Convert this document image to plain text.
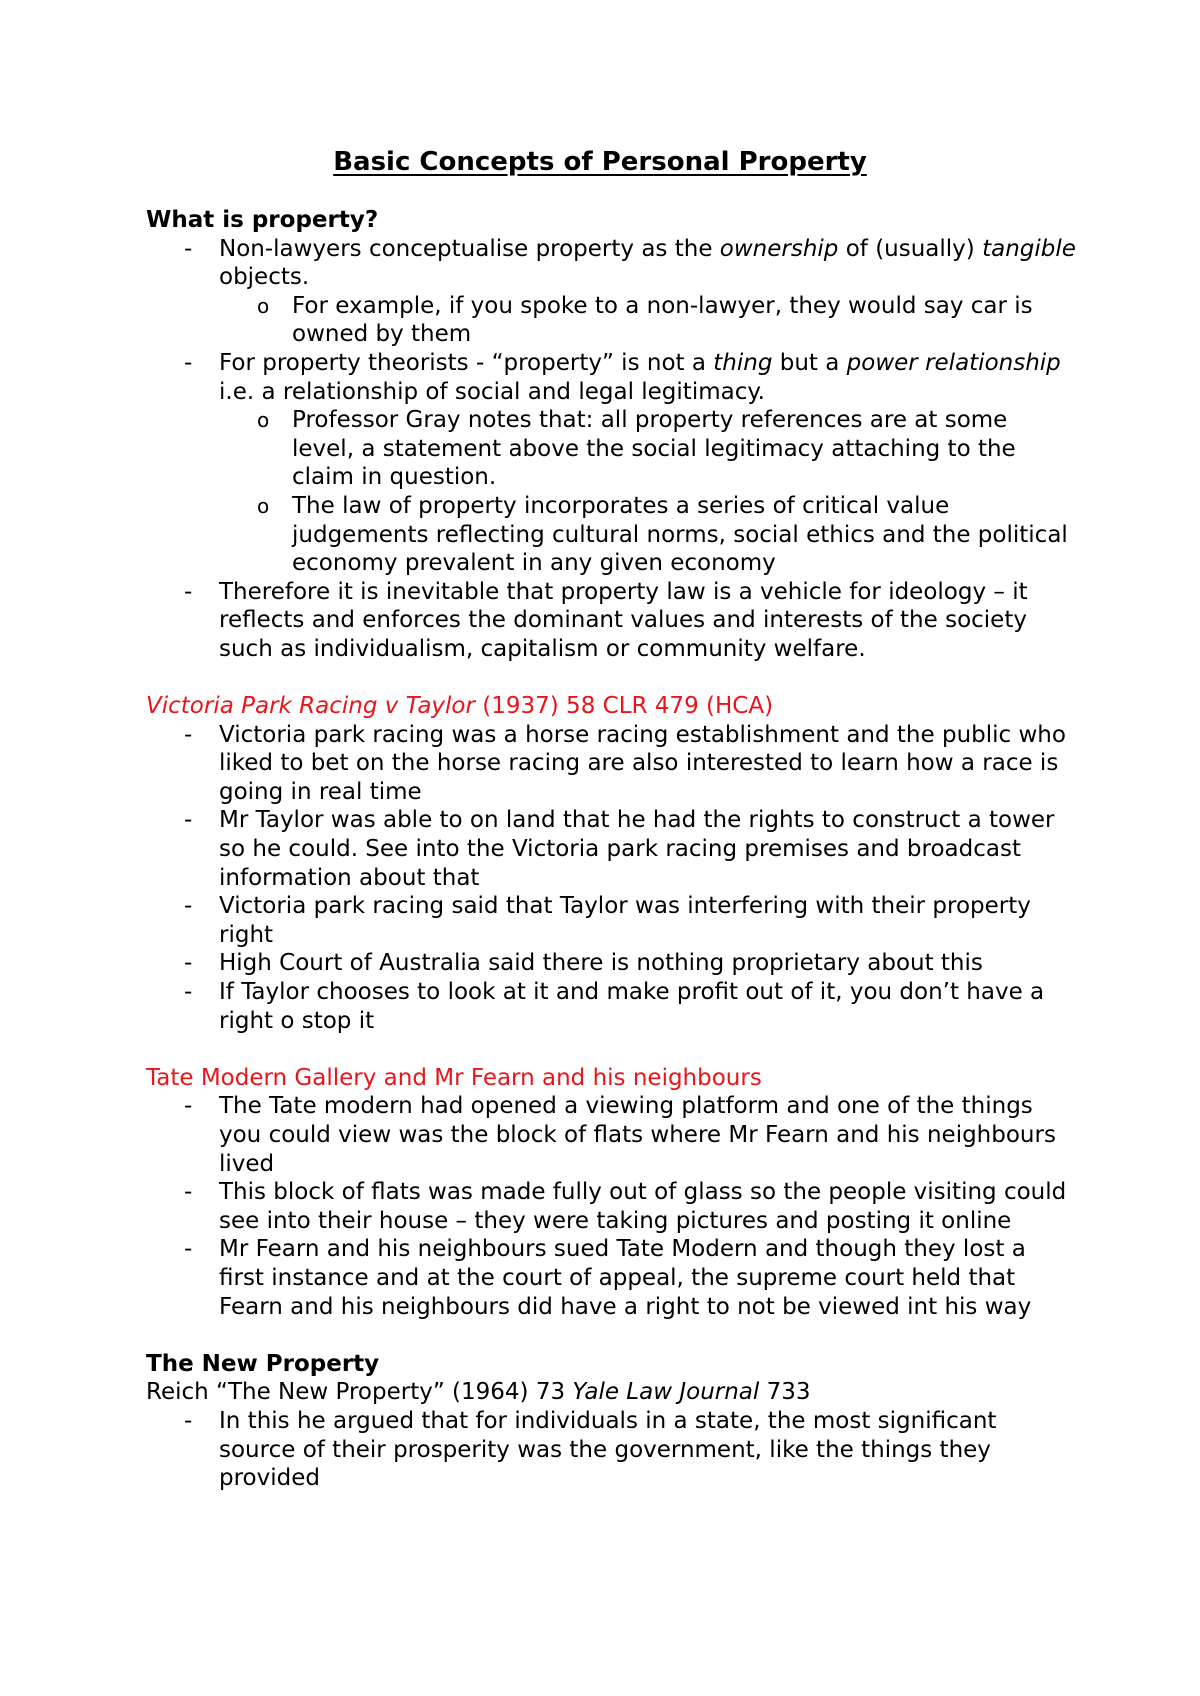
Basic Concepts of Personal Property
What is property?
- Non-lawyers conceptualise property as the ownership of (usually) tangible objects.
o For example, if you spoke to a non-lawyer, they would say car is owned by them
- For property theorists - “property” is not a thing but a power relationship i.e. a relationship of social and legal legitimacy.
o Professor Gray notes that: all property references are at some level, a statement above the social legitimacy attaching to the claim in question.
o The law of property incorporates a series of critical value judgements reflecting cultural norms, social ethics and the political economy prevalent in any given economy
- Therefore it is inevitable that property law is a vehicle for ideology – it reflects and enforces the dominant values and interests of the society such as individualism, capitalism or community welfare.

Victoria Park Racing v Taylor (1937) 58 CLR 479 (HCA)

- Victoria park racing was a horse racing establishment and the public who liked to bet on the horse racing are also interested to learn how a race is going in real time
- Mr Taylor was able to on land that he had the rights to construct a tower so he could. See into the Victoria park racing premises and broadcast information about that
- Victoria park racing said that Taylor was interfering with their property right
- High Court of Australia said there is nothing proprietary about this
- If Taylor chooses to look at it and make profit out of it, you don’t have a right o stop it

Tate Modern Gallery and Mr Fearn and his neighbours

- The Tate modern had opened a viewing platform and one of the things you could view was the block of flats where Mr Fearn and his neighbours lived
- This block of flats was made fully out of glass so the people visiting could see into their house – they were taking pictures and posting it online
- Mr Fearn and his neighbours sued Tate Modern and though they lost a first instance and at the court of appeal, the supreme court held that Fearn and his neighbours did have a right to not be viewed int his way
The New Property

Reich “The New Property” (1964) 73 Yale Law Journal 733

- In this he argued that for individuals in a state, the most significant source of their prosperity was the government, like the things they provided
